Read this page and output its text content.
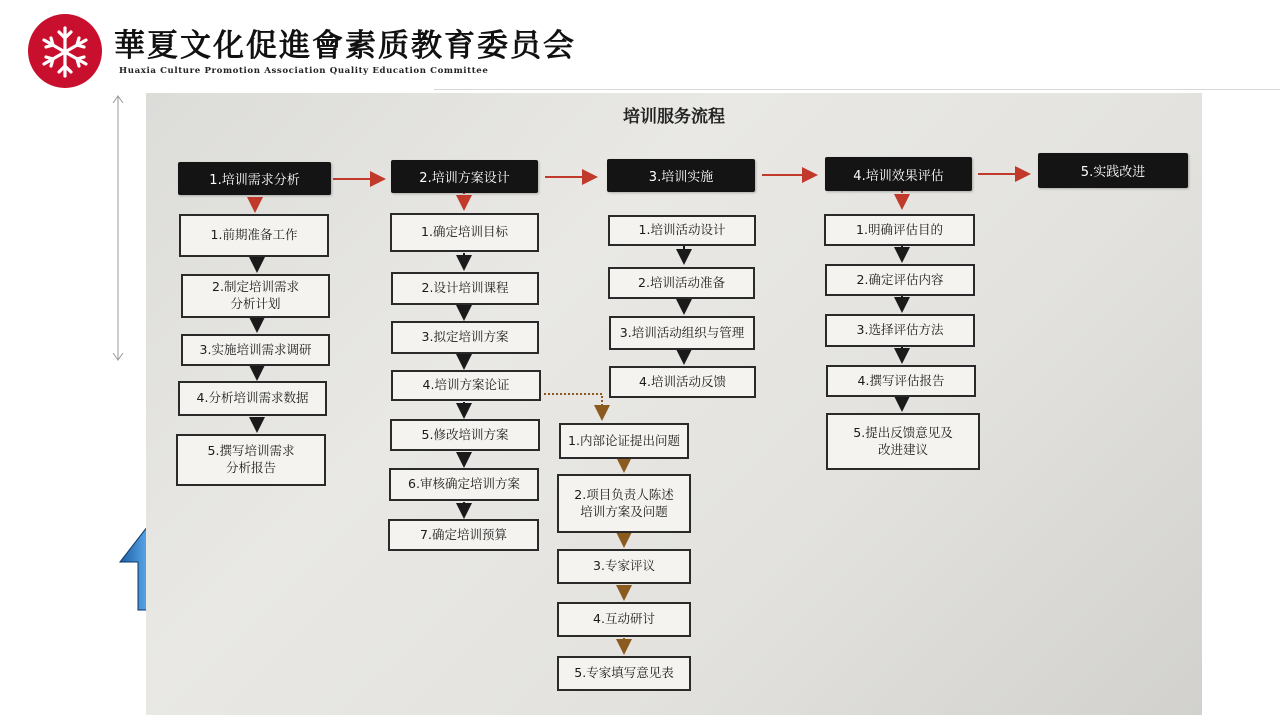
華夏文化促進會素质教育委员会
Huaxia Culture Promotion Association Quality Education Committee
培训服务流程
1.培训需求分析	2.培训方案设计	3.培训实施	4.培训效果评估	5.实践改进
1.前期准备工作
2.制定培训需求
分析计划
3.实施培训需求调研
4.分析培训需求数据
5.撰写培训需求
分析报告
1.确定培训目标
2.设计培训课程
3.拟定培训方案
4.培训方案论证
5.修改培训方案
6.审核确定培训方案
7.确定培训预算
1.培训活动设计
2.培训活动准备
3.培训活动组织与管理
4.培训活动反馈
1.明确评估目的
2.确定评估内容
3.选择评估方法
4.撰写评估报告
5.提出反馈意见及
改进建议
1.内部论证提出问题
2.项目负责人陈述
培训方案及问题
3.专家评议
4.互动研讨
5.专家填写意见表
